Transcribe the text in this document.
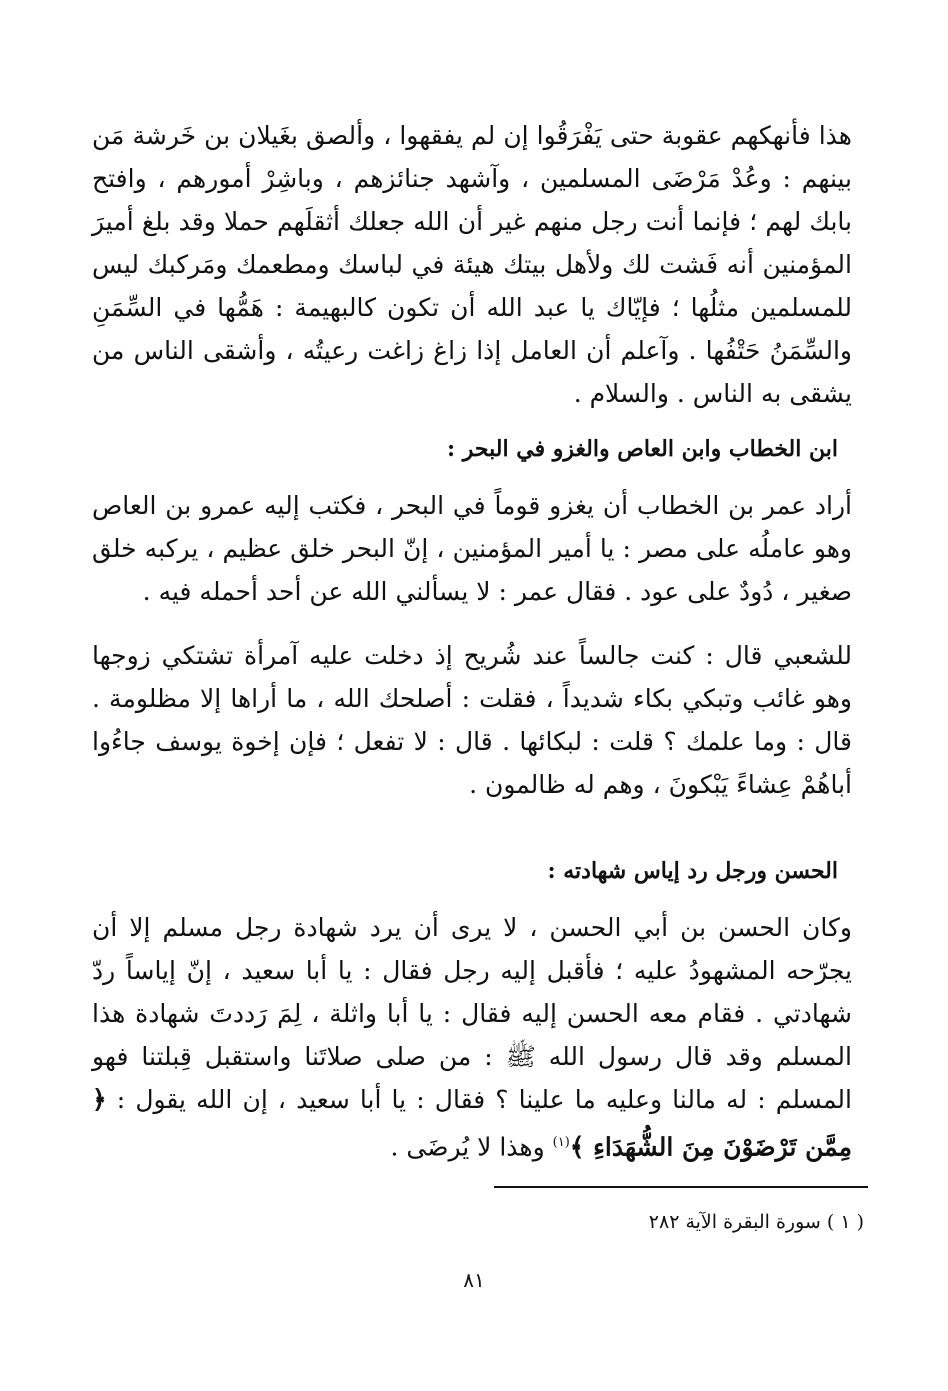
هذا فأنهكهم عقوبة حتى يَفْرَقُوا إن لم يفقهوا ، وألصق بغَيلان بن خَرشة مَن بينهم : وعُدْ مَرْضَى المسلمين ، وآشهد جنائزهم ، وباشِرْ أمورهم ، وافتح بابك لهم ؛ فإنما أنت رجل منهم غير أن الله جعلك أثقلَهم حملا وقد بلغ أميرَ المؤمنين أنه فَشت لك ولأهل بيتك هيئة في لباسك ومطعمك ومَركبك ليس للمسلمين مثلُها ؛ فإيّاك يا عبد الله أن تكون كالبهيمة : هَمُّها في السِّمَنِ والسِّمَنُ حَتْفُها . وآعلم أن العامل إذا زاغ زاغت رعيتُه ، وأشقى الناس من يشقى به الناس . والسلام .

ابن الخطاب وابن العاص والغزو في البحر :

أراد عمر بن الخطاب أن يغزو قوماً في البحر ، فكتب إليه عمرو بن العاص وهو عاملُه على مصر : يا أمير المؤمنين ، إنّ البحر خلق عظيم ، يركبه خلق صغير ، دُودٌ على عود . فقال عمر : لا يسألني الله عن أحد أحمله فيه .

للشعبي قال : كنت جالساً عند شُريح إذ دخلت عليه آمرأة تشتكي زوجها وهو غائب وتبكي بكاء شديداً ، فقلت : أصلحك الله ، ما أراها إلا مظلومة . قال : وما علمك ؟ قلت : لبكائها . قال : لا تفعل ؛ فإن إخوة يوسف جاءُوا أباهُمْ عِشاءً يَبْكونَ ، وهم له ظالمون .

الحسن ورجل رد إياس شهادته :

وكان الحسن بن أبي الحسن ، لا يرى أن يرد شهادة رجل مسلم إلا أن يجرّحه المشهودُ عليه ؛ فأقبل إليه رجل فقال : يا أبا سعيد ، إنّ إياساً ردّ شهادتي . فقام معه الحسن إليه فقال : يا أبا واثلة ، لِمَ رَددتَ شهادة هذا المسلم وقد قال رسول الله ﷺ : من صلى صلاتَنا واستقبل قِبلتنا فهو المسلم : له مالنا وعليه ما علينا ؟ فقال : يا أبا سعيد ، إن الله يقول : ﴿ مِمَّن تَرْضَوْنَ مِنَ الشُّهَدَاءِ ﴾$^{(١)}$ وهذا لا يُرضَى .

( ١ ) سورة البقرة الآية ٢٨٢

٨١
